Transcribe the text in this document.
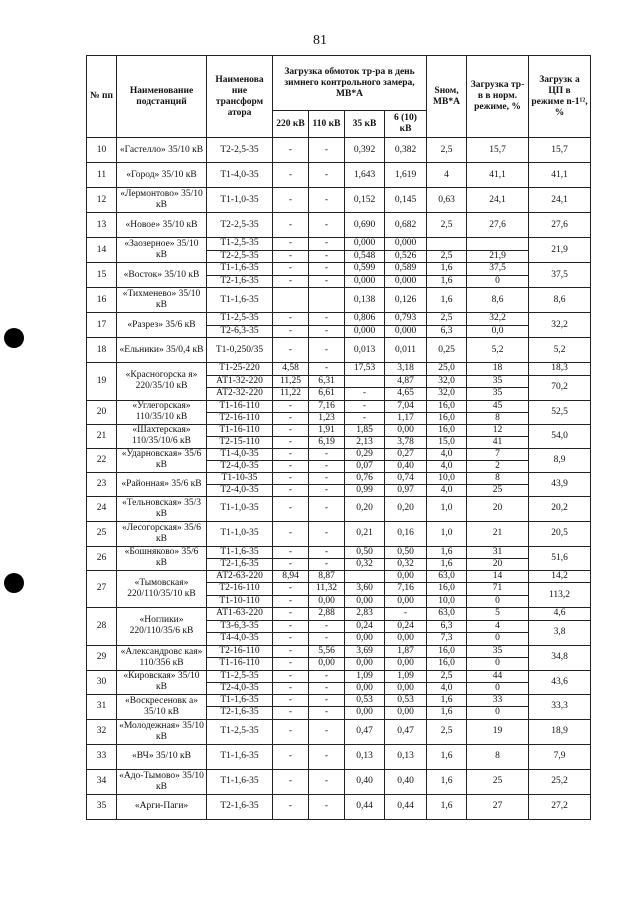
81
№ пп	Наименование подстанций	Наименова ние трансформ атора	Загрузка обмоток тр-ра в день зимнего контрольного замера, МВ*А				Sном, МВ*А	Загрузка тр-в в норм. режиме, %	Загрузк а ЦП в режиме n-1¹², %
			220 кВ	110 кВ	35 кВ	6 (10) кВ			
10	«Гастелло» 35/10 кВ	Т2-2,5-35	-	-	0,392	0,382	2,5	15,7	15,7
11	«Город» 35/10 кВ	Т1-4,0-35	-	-	1,643	1,619	4	41,1	41,1
12	«Лермонтово» 35/10 кВ	Т1-1,0-35	-	-	0,152	0,145	0,63	24,1	24,1
13	«Новое» 35/10 кВ	Т2-2,5-35	-	-	0,690	0,682	2,5	27,6	27,6
14	«Заозерное» 35/10 кВ	Т1-2,5-35	-	-	0,000	0,000			21,9
		Т2-2,5-35	-	-	0,548	0,526	2,5	21,9	
15	«Восток» 35/10 кВ	Т1-1,6-35	-	-	0,599	0,589	1,6	37,5	37,5
		Т2-1,6-35	-	-	0,000	0,000	1,6	0	
16	«Тихменево» 35/10 кВ	Т1-1,6-35			0,138	0,126	1,6	8,6	8,6
17	«Разрез» 35/6 кВ	Т1-2,5-35	-	-	0,806	0,793	2,5	32,2	32,2
		Т2-6,3-35	-	-	0,000	0,000	6,3	0,0	
18	«Ельники» 35/0,4 кВ	Т1-0,250/35	-	-	0,013	0,011	0,25	5,2	5,2
19	«Красногорска я» 220/35/10 кВ	Т1-25-220	4,58	-	17,53	3,18	25,0	18	18,3
		АТ1-32-220	11,25	6,31		4,87	32,0	35	70,2
		АТ2-32-220	11,22	6,61	-	4,65	32,0	35	
20	«Углегорская» 110/35/10 кВ	Т1-16-110	-	7,16	-	7,04	16,0	45	52,5
		Т2-16-110	-	1,23	-	1,17	16,0	8	
21	«Шахтерская» 110/35/10/6 кВ	Т1-16-110	-	1,91	1,85	0,00	16,0	12	54,0
		Т2-15-110	-	6,19	2,13	3,78	15,0	41	
22	«Ударновская» 35/6 кВ	Т1-4,0-35	-	-	0,29	0,27	4,0	7	8,9
		Т2-4,0-35	-	-	0,07	0,40	4,0	2	
23	«Районная» 35/6 кВ	Т1-10-35	-	-	0,76	0,74	10,0	8	43,9
		Т2-4,0-35	-	-	0,99	0,97	4,0	25	
24	«Тельновская» 35/3 кВ	Т1-1,0-35	-	-	0,20	0,20	1,0	20	20,2
25	«Лесогорская» 35/6 кВ	Т1-1,0-35	-	-	0,21	0,16	1,0	21	20,5
26	«Бошняково» 35/6 кВ	Т1-1,6-35	-	-	0,50	0,50	1,6	31	51,6
		Т2-1,6-35	-	-	0,32	0,32	1,6	20	
27	«Тымовская» 220/110/35/10 кВ	АТ2-63-220	8,94	8,87		0,00	63,0	14	14,2
		Т2-16-110	-	11,32	3,60	7,16	16,0	71	113,2
		Т1-10-110	-	0,00	0,00	0,00	10,0	0	
28	«Ноглики» 220/110/35/6 кВ	АТ1-63-220	-	2,88	2,83	-	63,0	5	4,6
		Т3-6,3-35	-	-	0,24	0,24	6,3	4	3,8
		Т4-4,0-35	-	-	0,00	0,00	7,3	0	
29	«Александровс кая» 110/356 кВ	Т2-16-110	-	5,56	3,69	1,87	16,0	35	34,8
		Т1-16-110	-	0,00	0,00	0,00	16,0	0	
30	«Кировская» 35/10 кВ	Т1-2,5-35	-	-	1,09	1,09	2,5	44	43,6
		Т2-4,0-35	-	-	0,00	0,00	4,0	0	
31	«Воскресеновк а» 35/10 кВ	Т1-1,6-35	-	-	0,53	0,53	1,6	33	33,3
		Т2-1,6-35	-	-	0,00	0,00	1,6	0	
32	«Молодежная» 35/10 кВ	Т1-2,5-35	-	-	0,47	0,47	2,5	19	18,9
33	«ВЧ» 35/10 кВ	Т1-1,6-35	-	-	0,13	0,13	1,6	8	7,9
34	«Адо-Тымово» 35/10 кВ	Т1-1,6-35	-	-	0,40	0,40	1,6	25	25,2
35	«Арги-Паги»	Т2-1,6-35	-	-	0,44	0,44	1,6	27	27,2
